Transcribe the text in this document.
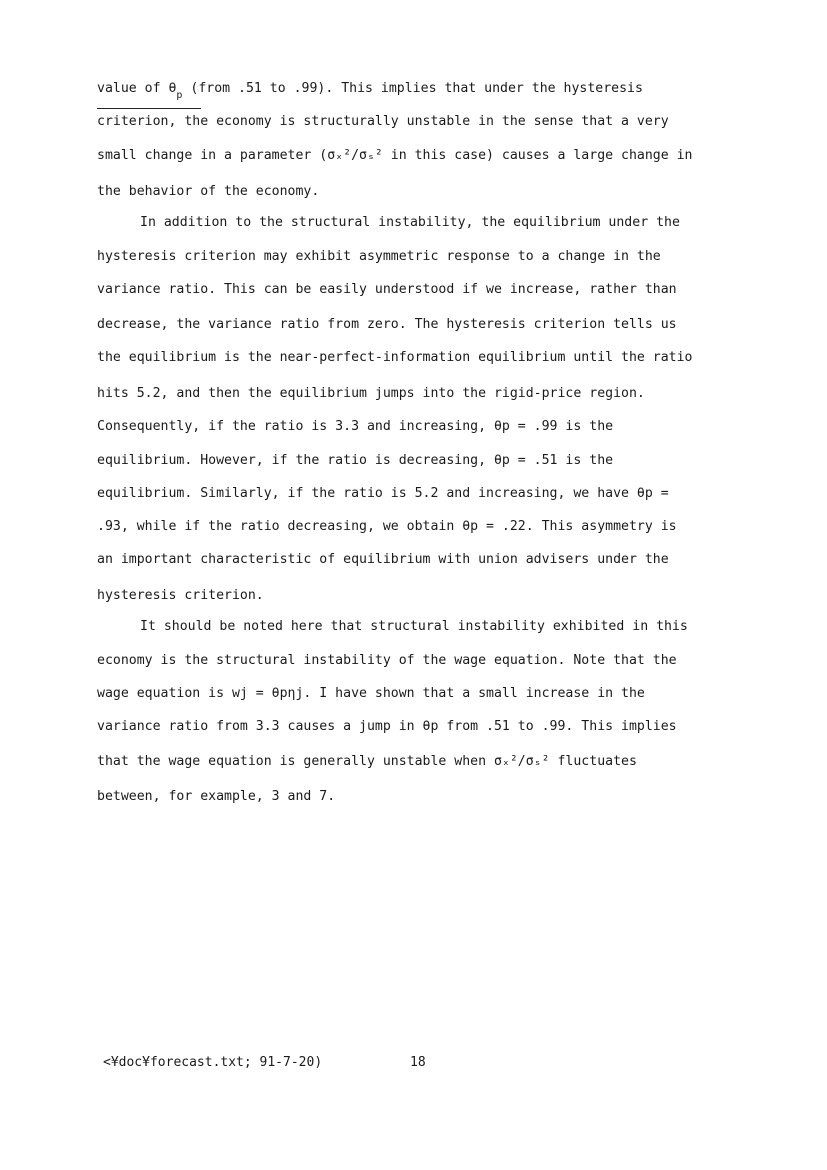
value of $\theta_p$ (from .51 to .99). This implies that under the hysteresis
criterion, the economy is structurally unstable in the sense that a very
small change in a parameter (σₓ²/σₛ² in this case) causes a large change in
the behavior of the economy.
In addition to the structural instability, the equilibrium under the
hysteresis criterion may exhibit asymmetric response to a change in the
variance ratio. This can be easily understood if we increase, rather than
decrease, the variance ratio from zero. The hysteresis criterion tells us
the equilibrium is the near-perfect-information equilibrium until the ratio
hits 5.2, and then the equilibrium jumps into the rigid-price region.
Consequently, if the ratio is 3.3 and increasing, θp = .99 is the
equilibrium. However, if the ratio is decreasing, θp = .51 is the
equilibrium. Similarly, if the ratio is 5.2 and increasing, we have θp =
.93, while if the ratio decreasing, we obtain θp = .22. This asymmetry is
an important characteristic of equilibrium with union advisers under the
hysteresis criterion.
It should be noted here that structural instability exhibited in this
economy is the structural instability of the wage equation. Note that the
wage equation is wj = θpηj. I have shown that a small increase in the
variance ratio from 3.3 causes a jump in θp from .51 to .99. This implies
that the wage equation is generally unstable when σₓ²/σₛ² fluctuates
between, for example, 3 and 7.
<¥doc¥forecast.txt; 91-7-20)	18
